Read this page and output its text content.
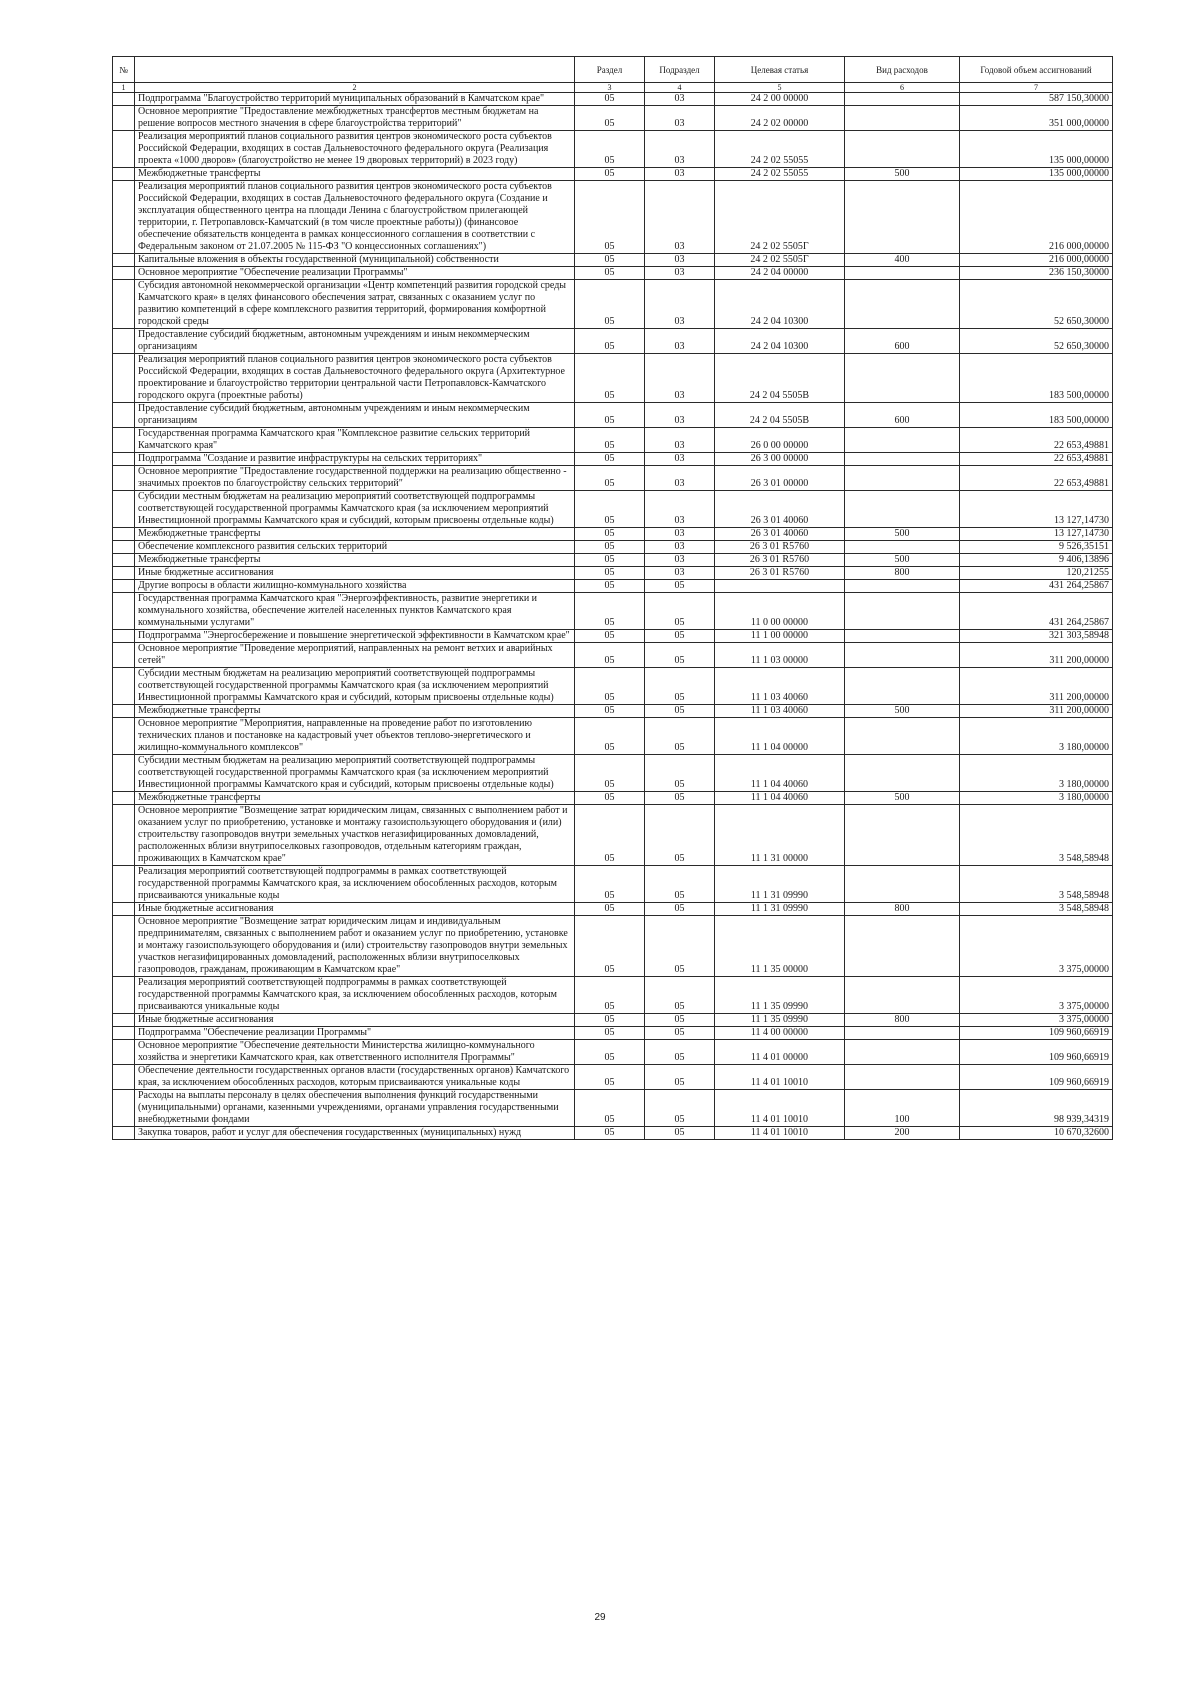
№		Раздел	Подраздел	Целевая статья	Вид расходов	Годовой объем ассигнований
1	2	3	4	5	6	7
	Подпрограмма "Благоустройство территорий муниципальных образований в Камчатском крае"	05	03	24 2 00 00000		587 150,30000
	Основное мероприятие "Предоставление межбюджетных трансфертов местным бюджетам на решение вопросов местного значения в сфере благоустройства территорий"	05	03	24 2 02 00000		351 000,00000
	Реализация мероприятий планов социального развития центров экономического роста субъектов Российской Федерации, входящих в состав Дальневосточного федерального округа (Реализация проекта «1000 дворов» (благоустройство не менее 19 дворовых территорий) в 2023 году)	05	03	24 2 02 55055		135 000,00000
	Межбюджетные трансферты	05	03	24 2 02 55055	500	135 000,00000
	Реализация мероприятий планов социального развития центров экономического роста субъектов Российской Федерации, входящих в состав Дальневосточного федерального округа (Создание и эксплуатация общественного центра на площади Ленина с благоустройством прилегающей территории, г. Петропавловск-Камчатский (в том числе проектные работы)) (финансовое обеспечение обязательств концедента в рамках концессионного соглашения в соответствии с Федеральным законом от 21.07.2005 № 115-ФЗ "О концессионных соглашениях")	05	03	24 2 02 5505Г		216 000,00000
	Капитальные вложения в объекты государственной (муниципальной) собственности	05	03	24 2 02 5505Г	400	216 000,00000
	Основное мероприятие "Обеспечение реализации Программы"	05	03	24 2 04 00000		236 150,30000
	Субсидия автономной некоммерческой организации «Центр компетенций развития городской среды Камчатского края» в целях финансового обеспечения затрат, связанных с оказанием услуг по развитию компетенций в сфере комплексного развития территорий, формирования комфортной городской среды	05	03	24 2 04 10300		52 650,30000
	Предоставление субсидий бюджетным, автономным учреждениям и иным некоммерческим организациям	05	03	24 2 04 10300	600	52 650,30000
	Реализация мероприятий планов социального развития центров экономического роста субъектов Российской Федерации, входящих в состав Дальневосточного федерального округа (Архитектурное проектирование и благоустройство территории центральной части Петропавловск-Камчатского городского округа (проектные работы)	05	03	24 2 04 5505В		183 500,00000
	Предоставление субсидий бюджетным, автономным учреждениям и иным некоммерческим организациям	05	03	24 2 04 5505В	600	183 500,00000
	Государственная программа Камчатского края "Комплексное развитие сельских территорий Камчатского края"	05	03	26 0 00 00000		22 653,49881
	Подпрограмма "Создание и развитие инфраструктуры на сельских территориях"	05	03	26 3 00 00000		22 653,49881
	Основное мероприятие "Предоставление государственной поддержки на реализацию общественно - значимых проектов по благоустройству сельских территорий"	05	03	26 3 01 00000		22 653,49881
	Субсидии местным бюджетам на реализацию мероприятий соответствующей подпрограммы соответствующей государственной программы Камчатского края (за исключением мероприятий Инвестиционной программы Камчатского края и субсидий, которым присвоены отдельные коды)	05	03	26 3 01 40060		13 127,14730
	Межбюджетные трансферты	05	03	26 3 01 40060	500	13 127,14730
	Обеспечение комплексного развития сельских территорий	05	03	26 3 01 R5760		9 526,35151
	Межбюджетные трансферты	05	03	26 3 01 R5760	500	9 406,13896
	Иные бюджетные ассигнования	05	03	26 3 01 R5760	800	120,21255
	Другие вопросы в области жилищно-коммунального хозяйства	05	05			431 264,25867
	Государственная программа Камчатского края "Энергоэффективность, развитие энергетики и коммунального хозяйства, обеспечение жителей населенных пунктов Камчатского края коммунальными услугами"	05	05	11 0 00 00000		431 264,25867
	Подпрограмма "Энергосбережение и повышение энергетической эффективности в Камчатском крае"	05	05	11 1 00 00000		321 303,58948
	Основное мероприятие "Проведение мероприятий, направленных на ремонт ветхих и аварийных сетей"	05	05	11 1 03 00000		311 200,00000
	Субсидии местным бюджетам на реализацию мероприятий соответствующей подпрограммы соответствующей государственной программы Камчатского края (за исключением мероприятий Инвестиционной программы Камчатского края и субсидий, которым присвоены отдельные коды)	05	05	11 1 03 40060		311 200,00000
	Межбюджетные трансферты	05	05	11 1 03 40060	500	311 200,00000
	Основное мероприятие "Мероприятия, направленные на проведение работ по изготовлению технических планов и постановке на кадастровый учет объектов теплово-энергетического и жилищно-коммунального комплексов"	05	05	11 1 04 00000		3 180,00000
	Субсидии местным бюджетам на реализацию мероприятий соответствующей подпрограммы соответствующей государственной программы Камчатского края (за исключением мероприятий Инвестиционной программы Камчатского края и субсидий, которым присвоены отдельные коды)	05	05	11 1 04 40060		3 180,00000
	Межбюджетные трансферты	05	05	11 1 04 40060	500	3 180,00000
	Основное мероприятие "Возмещение затрат юридическим лицам, связанных с выполнением работ и оказанием услуг по приобретению, установке и монтажу газоиспользующего оборудования и (или) строительству газопроводов внутри земельных участков негазифицированных домовладений, расположенных вблизи внутрипоселковых газопроводов, отдельным категориям граждан, проживающих в Камчатском крае"	05	05	11 1 31 00000		3 548,58948
	Реализация мероприятий соответствующей подпрограммы в рамках соответствующей государственной программы Камчатского края, за исключением обособленных расходов, которым присваиваются уникальные коды	05	05	11 1 31 09990		3 548,58948
	Иные бюджетные ассигнования	05	05	11 1 31 09990	800	3 548,58948
	Основное мероприятие "Возмещение затрат юридическим лицам и индивидуальным предпринимателям, связанных с выполнением работ и оказанием услуг по приобретению, установке и монтажу газоиспользующего оборудования и (или) строительству газопроводов внутри земельных участков негазифицированных домовладений, расположенных вблизи внутрипоселковых газопроводов, гражданам, проживающим в Камчатском крае"	05	05	11 1 35 00000		3 375,00000
	Реализация мероприятий соответствующей подпрограммы в рамках соответствующей государственной программы Камчатского края, за исключением обособленных расходов, которым присваиваются уникальные коды	05	05	11 1 35 09990		3 375,00000
	Иные бюджетные ассигнования	05	05	11 1 35 09990	800	3 375,00000
	Подпрограмма "Обеспечение реализации Программы"	05	05	11 4 00 00000		109 960,66919
	Основное мероприятие "Обеспечение деятельности Министерства жилищно-коммунального хозяйства и энергетики Камчатского края, как ответственного исполнителя Программы"	05	05	11 4 01 00000		109 960,66919
	Обеспечение деятельности государственных органов власти (государственных органов) Камчатского края, за исключением обособленных расходов, которым присваиваются уникальные коды	05	05	11 4 01 10010		109 960,66919
	Расходы на выплаты персоналу в целях обеспечения выполнения функций государственными (муниципальными) органами, казенными учреждениями, органами управления государственными внебюджетными фондами	05	05	11 4 01 10010	100	98 939,34319
	Закупка товаров, работ и услуг для обеспечения государственных (муниципальных) нужд	05	05	11 4 01 10010	200	10 670,32600
29
